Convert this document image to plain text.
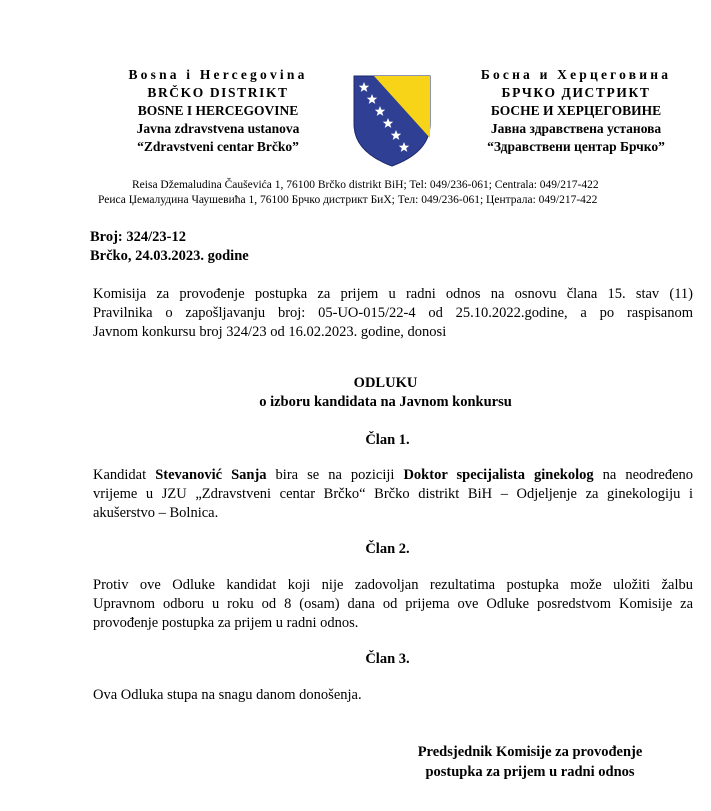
Bosna i Hercegovina
BRČKO DISTRIKT
BOSNE I HERCEGOVINE
Javna zdravstvena ustanova
“Zdravstveni centar Brčko”
Босна и Херцеговина
БРЧКО ДИСТРИКТ
БОСНЕ И ХЕРЦЕГОВИНЕ
Јавна здравствена установа
“Здравствени центар Брчко”
Reisa Džemaludina Čauševića 1, 76100 Brčko distrikt BiH; Tel: 049/236-061; Centrala: 049/217-422
Реиса Џемалудина Чаушевића 1, 76100 Брчко дистрикт БиХ; Тел: 049/236-061; Централа: 049/217-422
Broj: 324/23-12
Brčko, 24.03.2023. godine
Komisija za provođenje postupka za prijem u radni odnos na osnovu člana 15. stav (11)
Pravilnika o zapošljavanju broj: 05-UO-015/22-4 od 25.10.2022.godine, a po raspisanom
Javnom konkursu broj 324/23 od 16.02.2023. godine, donosi
ODLUKU
o izboru kandidata na Javnom konkursu
Član 1.
Kandidat Stevanović Sanja bira se na poziciji Doktor specijalista ginekolog na neodređeno
vrijeme u JZU „Zdravstveni centar Brčko“ Brčko distrikt BiH – Odjeljenje za ginekologiju i
akušerstvo – Bolnica.
Član 2.
Protiv ove Odluke kandidat koji nije zadovoljan rezultatima postupka može uložiti žalbu
Upravnom odboru u roku od 8 (osam) dana od prijema ove Odluke posredstvom Komisije za
provođenje postupka za prijem u radni odnos.
Član 3.
Ova Odluka stupa na snagu danom donošenja.
Predsjednik Komisije za provođenje
postupka za prijem u radni odnos
